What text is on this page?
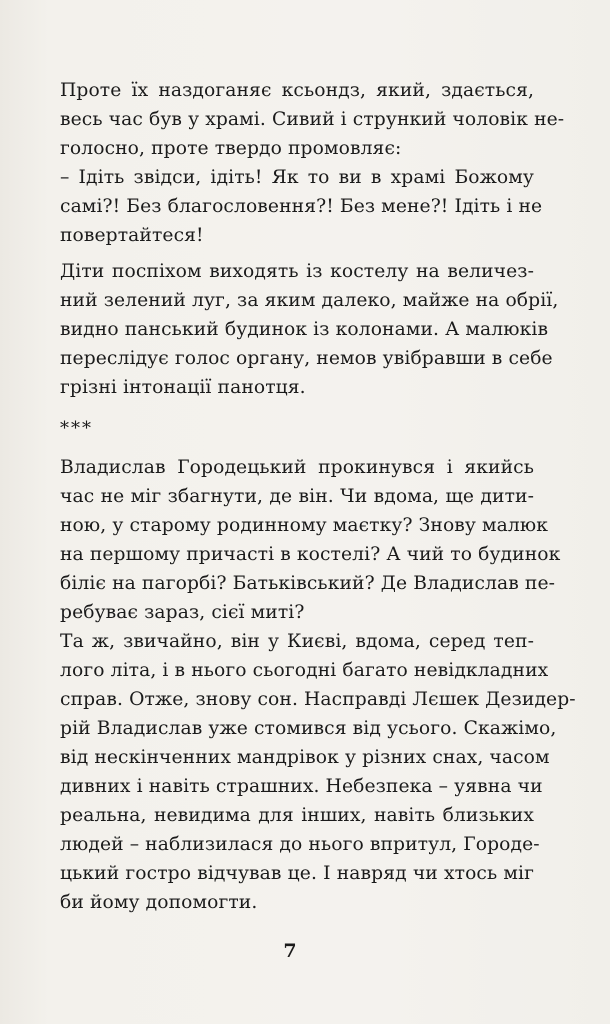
Проте їх наздоганяє ксьондз, який, здається,
весь час був у храмі. Сивий і стрункий чоловік не-
голосно, проте твердо промовляє:
– Ідіть звідси, ідіть! Як то ви в храмі Божому
самі?! Без благословення?! Без мене?! Ідіть і не
повертайтеся!
Діти поспіхом виходять із костелу на величез-
ний зелений луг, за яким далеко, майже на обрії,
видно панський будинок із колонами. А малюків
переслідує голос органу, немов увібравши в себе
грізні інтонації панотця.
***
Владислав Городецький прокинувся і якийсь
час не міг збагнути, де він. Чи вдома, ще дити-
ною, у старому родинному маєтку? Знову малюк
на першому причасті в костелі? А чий то будинок
біліє на пагорбі? Батьківський? Де Владислав пе-
ребуває зараз, сієї миті?
Та ж, звичайно, він у Києві, вдома, серед теп-
лого літа, і в нього сьогодні багато невідкладних
справ. Отже, знову сон. Насправді Лєшек Дезидер-
рій Владислав уже стомився від усього. Скажімо,
від нескінченних мандрівок у різних снах, часом
дивних і навіть страшних. Небезпека – уявна чи
реальна, невидима для інших, навіть близьких
людей – наблизилася до нього впритул, Городе-
цький гостро відчував це. І навряд чи хтось міг
би йому допомогти.
7
